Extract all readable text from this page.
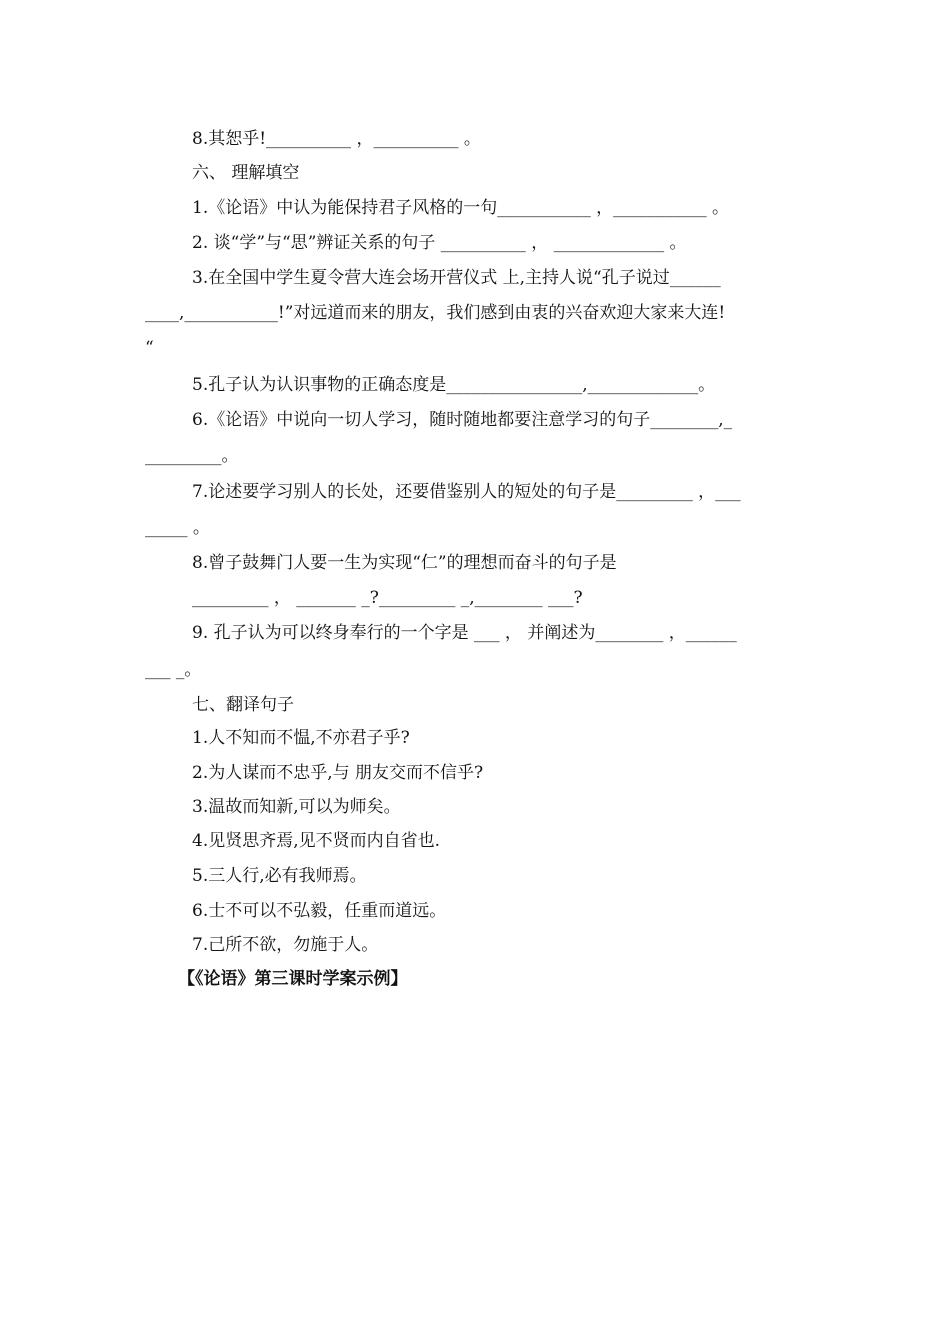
8.其恕乎!__________ ，__________ 。
六、 理解填空
1.《论语》中认为能保持君子风格的一句___________ ，___________ 。
2. 谈“学”与“思”辨证关系的句子 __________ ， _____________ 。
3.在全国中学生夏令营大连会场开营仪式 上,主持人说“孔子说过______
____,___________!”对远道而来的朋友，我们感到由衷的兴奋欢迎大家来大连!
“
5.孔子认为认识事物的正确态度是________________,_____________。
6.《论语》中说向一切人学习，随时随地都要注意学习的句子________,_
_________。
7.论述要学习别人的长处，还要借鉴别人的短处的句子是_________ ，___
_____ 。
8.曾子鼓舞门人要一生为实现“仁”的理想而奋斗的句子是
_________ ， _______ _?_________ _,________ ___?
9. 孔子认为可以终身奉行的一个字是 ___ ， 并阐述为________ ，______
___ _。
七、翻译句子
1.人不知而不愠,不亦君子乎?
2.为人谋而不忠乎,与 朋友交而不信乎?
3.温故而知新,可以为师矣。
4.见贤思齐焉,见不贤而内自省也.
5.三人行,必有我师焉。
6.士不可以不弘毅，任重而道远。
7.己所不欲，勿施于人。
【《论语》第三课时学案示例】
